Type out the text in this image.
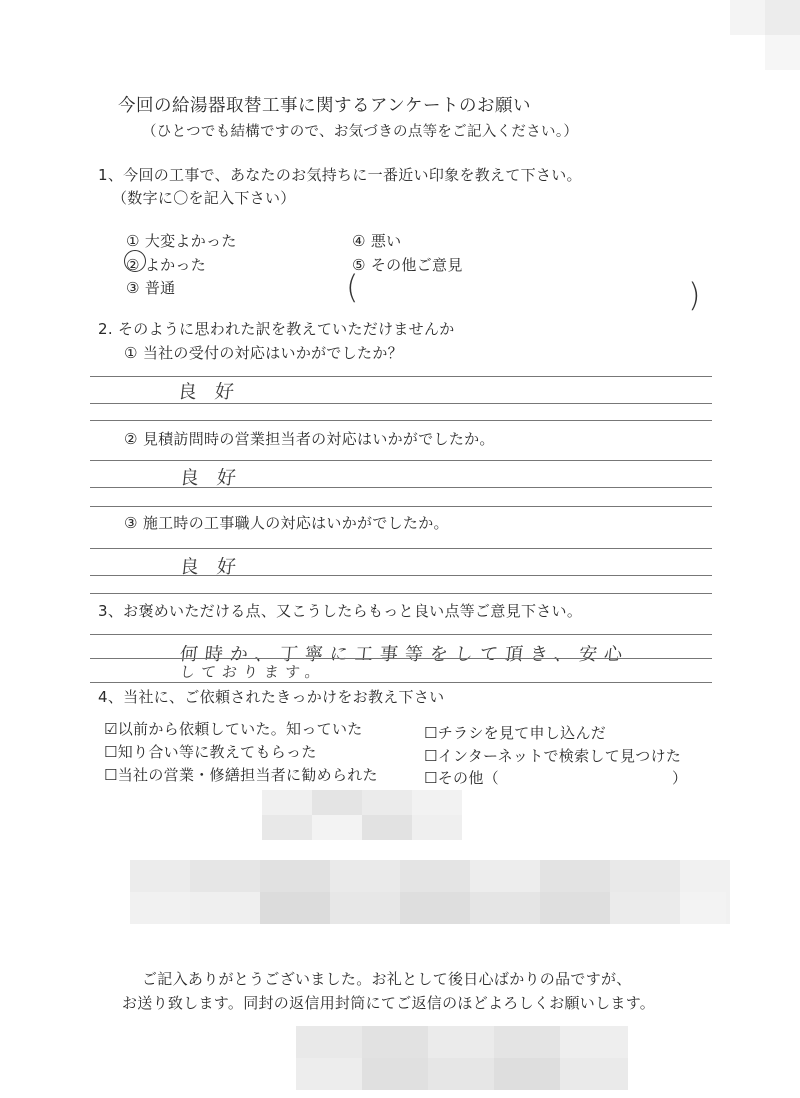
今回の給湯器取替工事に関するアンケートのお願い
（ひとつでも結構ですので、お気づきの点等をご記入ください。）
1、今回の工事で、あなたのお気持ちに一番近い印象を教えて下さい。
（数字に〇を記入下さい）
① 大変よかった
② よかった
③ 普通
④ 悪い
⑤ その他ご意見
(	)
2. そのように思われた訳を教えていただけませんか
① 当社の受付の対応はいかがでしたか？
良好
② 見積訪問時の営業担当者の対応はいかがでしたか。
良好
③ 施工時の工事職人の対応はいかがでしたか。
良好
3、お褒めいただける点、又こうしたらもっと良い点等ご意見下さい。
何時か、丁寧に工事等をして頂き、安心
しております。
4、当社に、ご依頼されたきっかけをお教え下さい
☑以前から依頼していた。知っていた
☐知り合い等に教えてもらった
☐当社の営業・修繕担当者に勧められた
☐チラシを見て申し込んだ
☐インターネットで検索して見つけた
☐その他（	）
ご記入ありがとうございました。お礼として後日心ばかりの品ですが、
お送り致します。同封の返信用封筒にてご返信のほどよろしくお願いします。
